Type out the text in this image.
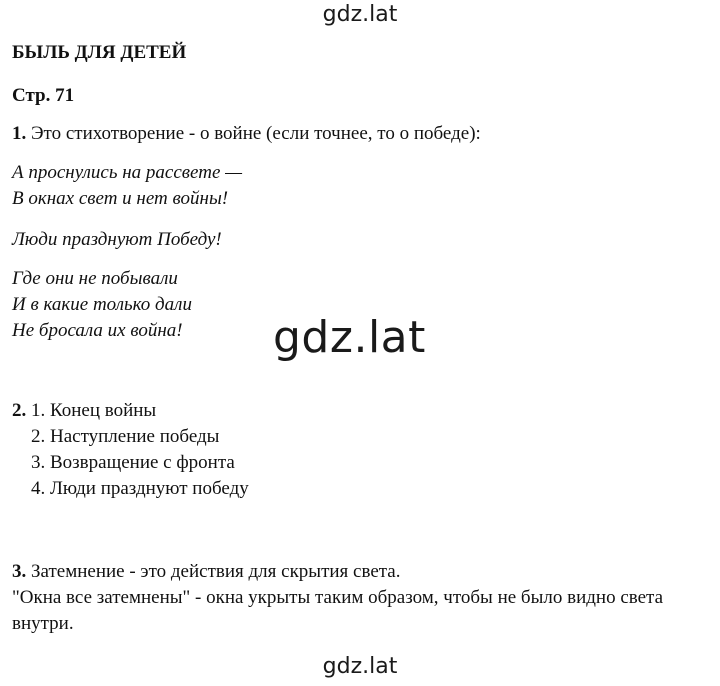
gdz.lat
gdz.lat
gdz.lat
БЫЛЬ ДЛЯ ДЕТЕЙ
Стр. 71
1. Это стихотворение - о войне (если точнее, то о победе):
А проснулись на рассвете —
В окнах свет и нет войны!
Люди празднуют Победу!
Где они не побывали
И в какие только дали
Не бросала их война!
2. 1. Конец войны
2. Наступление победы
3. Возвращение с фронта
4. Люди празднуют победу
3. Затемнение - это действия для скрытия света.
"Окна все затемнены" - окна укрыты таким образом, чтобы не было видно света
внутри.
